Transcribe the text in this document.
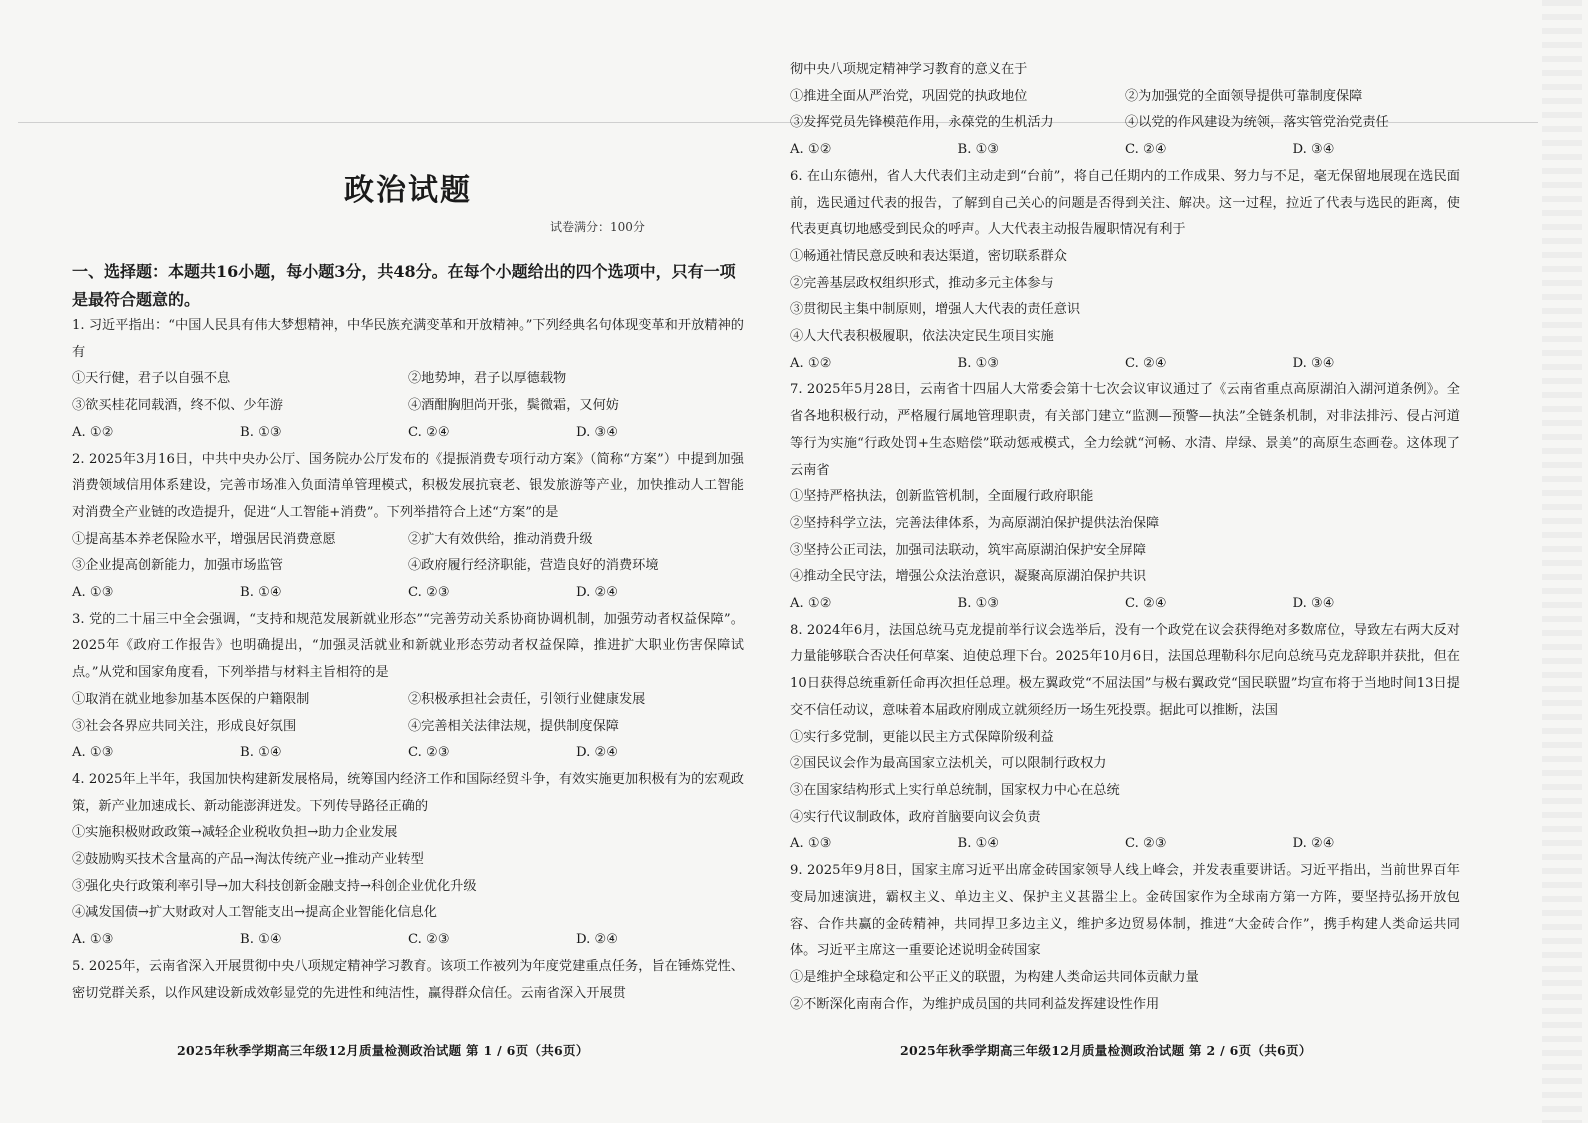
政治试题
试卷满分：100分
一、选择题：本题共16小题，每小题3分，共48分。在每个小题给出的四个选项中，只有一项是最符合题意的。

1. 习近平指出：“中国人民具有伟大梦想精神，中华民族充满变革和开放精神。”下列经典名句体现变革和开放精神的有

①天行健，君子以自强不息	②地势坤，君子以厚德载物
③欲买桂花同载酒，终不似、少年游	④酒酣胸胆尚开张，鬓微霜，又何妨
A. ①②	B. ①③	C. ②④	D. ③④

2. 2025年3月16日，中共中央办公厅、国务院办公厅发布的《提振消费专项行动方案》（简称“方案”）中提到加强消费领域信用体系建设，完善市场准入负面清单管理模式，积极发展抗衰老、银发旅游等产业，加快推动人工智能对消费全产业链的改造提升，促进“人工智能+消费”。下列举措符合上述“方案”的是

①提高基本养老保险水平，增强居民消费意愿	②扩大有效供给，推动消费升级
③企业提高创新能力，加强市场监管	④政府履行经济职能，营造良好的消费环境
A. ①③	B. ①④	C. ②③	D. ②④

3. 党的二十届三中全会强调，“支持和规范发展新就业形态”“完善劳动关系协商协调机制，加强劳动者权益保障”。2025年《政府工作报告》也明确提出，“加强灵活就业和新就业形态劳动者权益保障，推进扩大职业伤害保障试点。”从党和国家角度看，下列举措与材料主旨相符的是

①取消在就业地参加基本医保的户籍限制	②积极承担社会责任，引领行业健康发展
③社会各界应共同关注，形成良好氛围	④完善相关法律法规，提供制度保障
A. ①③	B. ①④	C. ②③	D. ②④

4. 2025年上半年，我国加快构建新发展格局，统筹国内经济工作和国际经贸斗争，有效实施更加积极有为的宏观政策，新产业加速成长、新动能澎湃迸发。下列传导路径正确的

①实施积极财政政策→减轻企业税收负担→助力企业发展

②鼓励购买技术含量高的产品→淘汰传统产业→推动产业转型

③强化央行政策利率引导→加大科技创新金融支持→科创企业优化升级

④减发国债→扩大财政对人工智能支出→提高企业智能化信息化

A. ①③	B. ①④	C. ②③	D. ②④

5. 2025年，云南省深入开展贯彻中央八项规定精神学习教育。该项工作被列为年度党建重点任务，旨在锤炼党性、密切党群关系，以作风建设新成效彰显党的先进性和纯洁性，赢得群众信任。云南省深入开展贯

2025年秋季学期高三年级12月质量检测政治试题 第 1 / 6页（共6页）

彻中央八项规定精神学习教育的意义在于

①推进全面从严治党，巩固党的执政地位	②为加强党的全面领导提供可靠制度保障
③发挥党员先锋模范作用，永葆党的生机活力	④以党的作风建设为统领，落实管党治党责任
A. ①②	B. ①③	C. ②④	D. ③④

6. 在山东德州，省人大代表们主动走到“台前”，将自己任期内的工作成果、努力与不足，毫无保留地展现在选民面前，选民通过代表的报告，了解到自己关心的问题是否得到关注、解决。这一过程，拉近了代表与选民的距离，使代表更真切地感受到民众的呼声。人大代表主动报告履职情况有利于

①畅通社情民意反映和表达渠道，密切联系群众

②完善基层政权组织形式，推动多元主体参与

③贯彻民主集中制原则，增强人大代表的责任意识

④人大代表积极履职，依法决定民生项目实施

A. ①②	B. ①③	C. ②④	D. ③④

7. 2025年5月28日，云南省十四届人大常委会第十七次会议审议通过了《云南省重点高原湖泊入湖河道条例》。全省各地积极行动，严格履行属地管理职责，有关部门建立“监测—预警—执法”全链条机制，对非法排污、侵占河道等行为实施“行政处罚+生态赔偿”联动惩戒模式，全力绘就“河畅、水清、岸绿、景美”的高原生态画卷。这体现了云南省

①坚持严格执法，创新监管机制，全面履行政府职能

②坚持科学立法，完善法律体系，为高原湖泊保护提供法治保障

③坚持公正司法，加强司法联动，筑牢高原湖泊保护安全屏障

④推动全民守法，增强公众法治意识，凝聚高原湖泊保护共识

A. ①②	B. ①③	C. ②④	D. ③④

8. 2024年6月，法国总统马克龙提前举行议会选举后，没有一个政党在议会获得绝对多数席位，导致左右两大反对力量能够联合否决任何草案、迫使总理下台。2025年10月6日，法国总理勒科尔尼向总统马克龙辞职并获批，但在10日获得总统重新任命再次担任总理。极左翼政党“不屈法国”与极右翼政党“国民联盟”均宣布将于当地时间13日提交不信任动议，意味着本届政府刚成立就须经历一场生死投票。据此可以推断，法国

①实行多党制，更能以民主方式保障阶级利益

②国民议会作为最高国家立法机关，可以限制行政权力

③在国家结构形式上实行单总统制，国家权力中心在总统

④实行代议制政体，政府首脑要向议会负责

A. ①③	B. ①④	C. ②③	D. ②④

9. 2025年9月8日，国家主席习近平出席金砖国家领导人线上峰会，并发表重要讲话。习近平指出，当前世界百年变局加速演进，霸权主义、单边主义、保护主义甚嚣尘上。金砖国家作为全球南方第一方阵，要坚持弘扬开放包容、合作共赢的金砖精神，共同捍卫多边主义，维护多边贸易体制，推进“大金砖合作”，携手构建人类命运共同体。习近平主席这一重要论述说明金砖国家

①是维护全球稳定和公平正义的联盟，为构建人类命运共同体贡献力量

②不断深化南南合作，为维护成员国的共同利益发挥建设性作用

2025年秋季学期高三年级12月质量检测政治试题 第 2 / 6页（共6页）
